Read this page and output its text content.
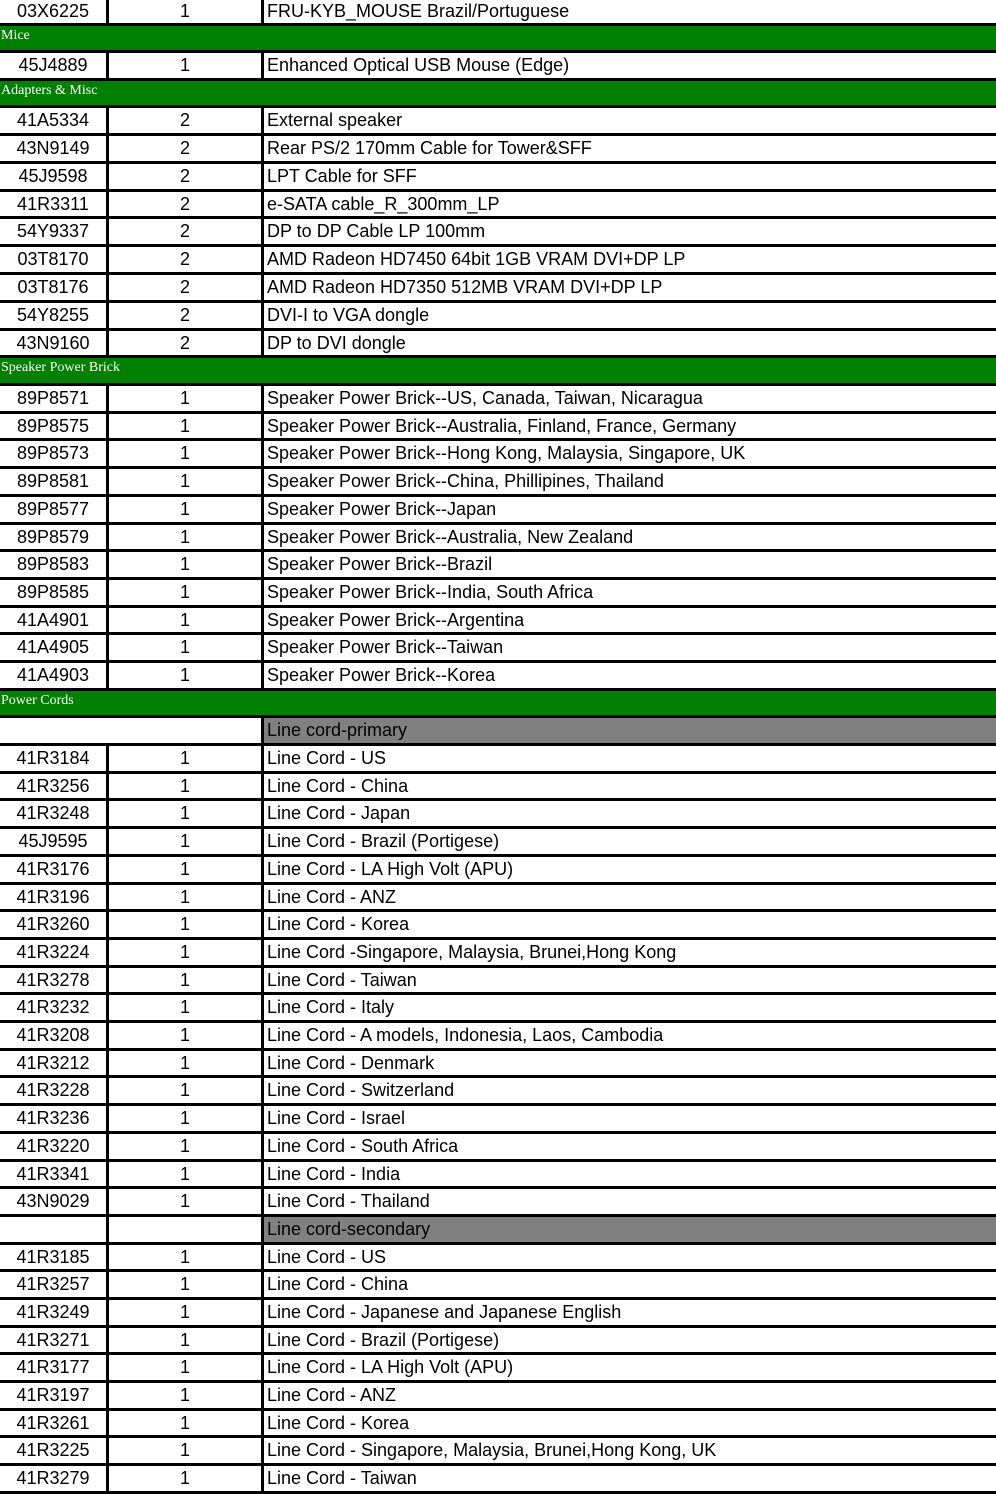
03X6225	1	FRU-KYB_MOUSE Brazil/Portuguese
Mice
45J4889	1	Enhanced Optical USB Mouse (Edge)
Adapters & Misc
41A5334	2	External speaker
43N9149	2	Rear PS/2 170mm Cable for Tower&SFF
45J9598	2	LPT Cable for SFF
41R3311	2	e-SATA cable_R_300mm_LP
54Y9337	2	DP to DP Cable LP 100mm
03T8170	2	AMD Radeon HD7450 64bit 1GB VRAM DVI+DP LP
03T8176	2	AMD Radeon HD7350 512MB VRAM DVI+DP LP
54Y8255	2	DVI-I to VGA dongle
43N9160	2	DP to DVI dongle
Speaker Power Brick
89P8571	1	Speaker Power Brick--US, Canada, Taiwan, Nicaragua
89P8575	1	Speaker Power Brick--Australia, Finland, France, Germany
89P8573	1	Speaker Power Brick--Hong Kong, Malaysia, Singapore, UK
89P8581	1	Speaker Power Brick--China, Phillipines, Thailand
89P8577	1	Speaker Power Brick--Japan
89P8579	1	Speaker Power Brick--Australia, New Zealand
89P8583	1	Speaker Power Brick--Brazil
89P8585	1	Speaker Power Brick--India, South Africa
41A4901	1	Speaker Power Brick--Argentina
41A4905	1	Speaker Power Brick--Taiwan
41A4903	1	Speaker Power Brick--Korea
Power Cords
Line cord-primary
41R3184	1	Line Cord - US
41R3256	1	Line Cord - China
41R3248	1	Line Cord - Japan
45J9595	1	Line Cord - Brazil (Portigese)
41R3176	1	Line Cord - LA High Volt (APU)
41R3196	1	Line Cord - ANZ
41R3260	1	Line Cord - Korea
41R3224	1	Line Cord -Singapore, Malaysia, Brunei,Hong Kong
41R3278	1	Line Cord - Taiwan
41R3232	1	Line Cord - Italy
41R3208	1	Line Cord - A models, Indonesia, Laos, Cambodia
41R3212	1	Line Cord - Denmark
41R3228	1	Line Cord - Switzerland
41R3236	1	Line Cord - Israel
41R3220	1	Line Cord - South Africa
41R3341	1	Line Cord - India
43N9029	1	Line Cord - Thailand
Line cord-secondary
41R3185	1	Line Cord - US
41R3257	1	Line Cord - China
41R3249	1	Line Cord - Japanese and Japanese English
41R3271	1	Line Cord - Brazil (Portigese)
41R3177	1	Line Cord - LA High Volt (APU)
41R3197	1	Line Cord - ANZ
41R3261	1	Line Cord - Korea
41R3225	1	Line Cord - Singapore, Malaysia, Brunei,Hong Kong, UK
41R3279	1	Line Cord - Taiwan
